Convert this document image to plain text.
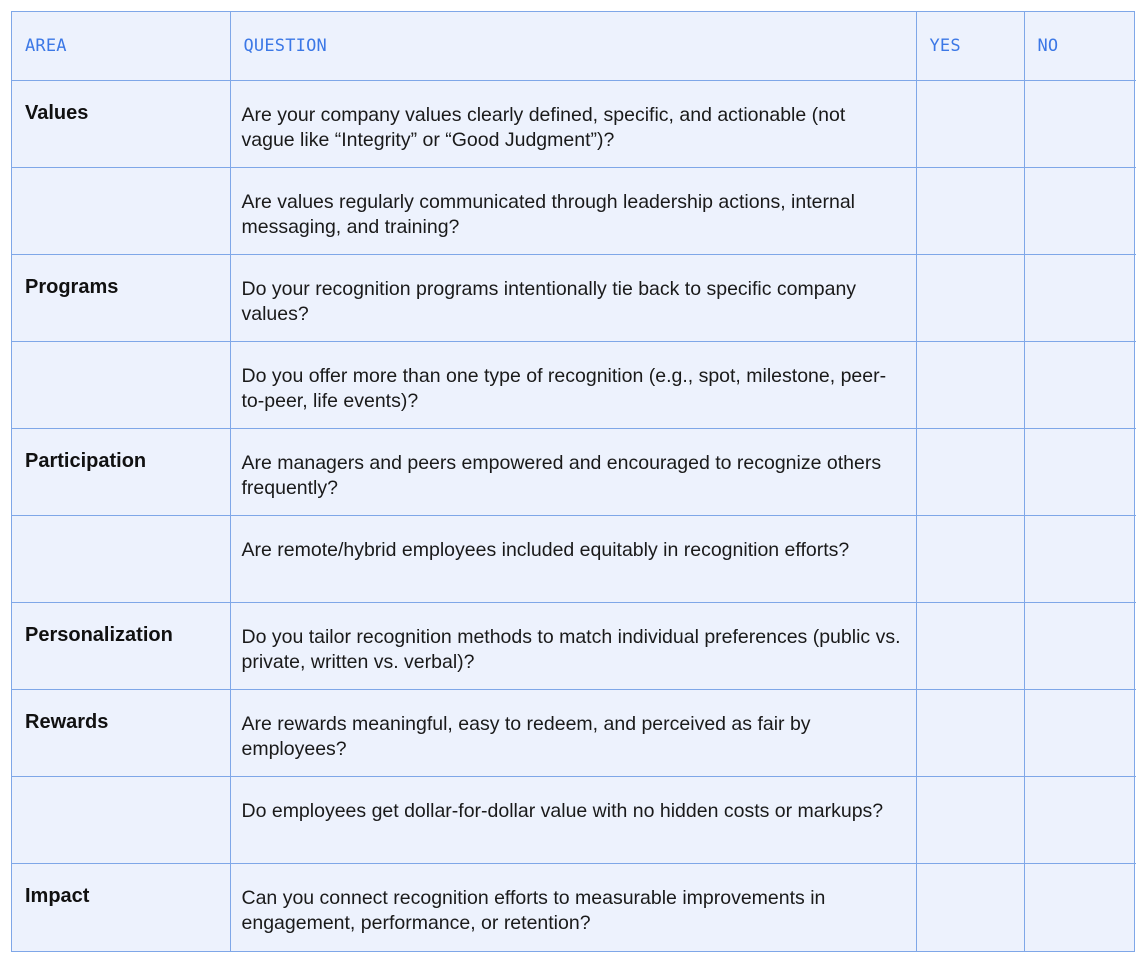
AREA	QUESTION	YES	NO
Values	Are your company values clearly defined, specific, and actionable (not vague like “Integrity” or “Good Judgment”)?		
	Are values regularly communicated through leadership actions, internal messaging, and training?		
Programs	Do your recognition programs intentionally tie back to specific company values?		
	Do you offer more than one type of recognition (e.g., spot, milestone, peer-to-peer, life events)?		
Participation	Are managers and peers empowered and encouraged to recognize others frequently?		
	Are remote/hybrid employees included equitably in recognition efforts?		
Personalization	Do you tailor recognition methods to match individual preferences (public vs. private, written vs. verbal)?		
Rewards	Are rewards meaningful, easy to redeem, and perceived as fair by employees?		
	Do employees get dollar-for-dollar value with no hidden costs or markups?		
Impact	Can you connect recognition efforts to measurable improvements in engagement, performance, or retention?		
